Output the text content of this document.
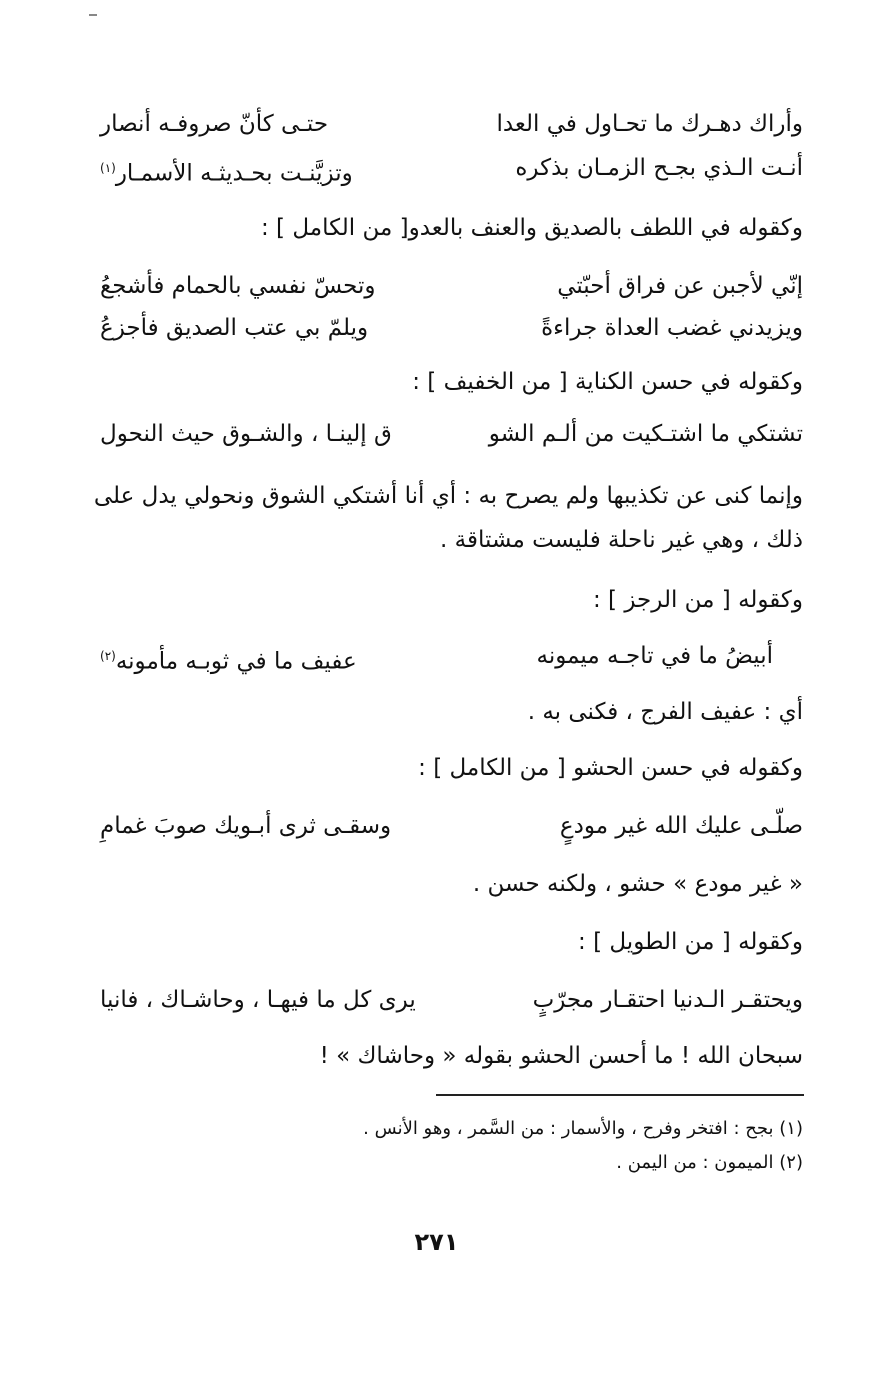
وأراك دهـرك ما تحـاول في العدا
حتـى كأنّ صروفـه أنصار
أنـت الـذي بجـح الزمـان بذكره
وتزيَّنـت بحـديثـه الأسمـار$^{(١)}$
وكقوله في اللطف بالصديق والعنف بالعدو[ من الكامل ] :
إنّي لأجبن عن فراق أحبّتي
وتحسّ نفسي بالحمام فأشجعُ
ويزيدني غضب العداة جراءةً
ويلمّ بي عتب الصديق فأجزعُ
وكقوله في حسن الكناية [ من الخفيف ] :
تشتكي ما اشتـكيت من ألـم الشو
ق إلينـا ، والشـوق حيث النحول
وإنما كنى عن تكذيبها ولم يصرح به : أي أنا أشتكي الشوق ونحولي يدل على
ذلك ، وهي غير ناحلة فليست مشتاقة .
وكقوله [ من الرجز ] :
أبيضُ ما في تاجـه ميمونه
عفيف ما في ثوبـه مأمونه$^{(٢)}$
أي : عفيف الفرج ، فكنى به .
وكقوله في حسن الحشو [ من الكامل ] :
صلّـى عليك الله غير مودعٍ
وسقـى ثرى أبـويك صوبَ غمامِ
« غير مودع » حشو ، ولكنه حسن .
وكقوله [ من الطويل ] :
ويحتقـر الـدنيا احتقـار مجرّبٍ
يرى كل ما فيهـا ، وحاشـاك ، فانيا
سبحان الله ! ما أحسن الحشو بقوله « وحاشاك » !
(١) بجح : افتخر وفرح ، والأسمار : من السَّمر ، وهو الأنس .
(٢) الميمون : من اليمن .
٢٧١
